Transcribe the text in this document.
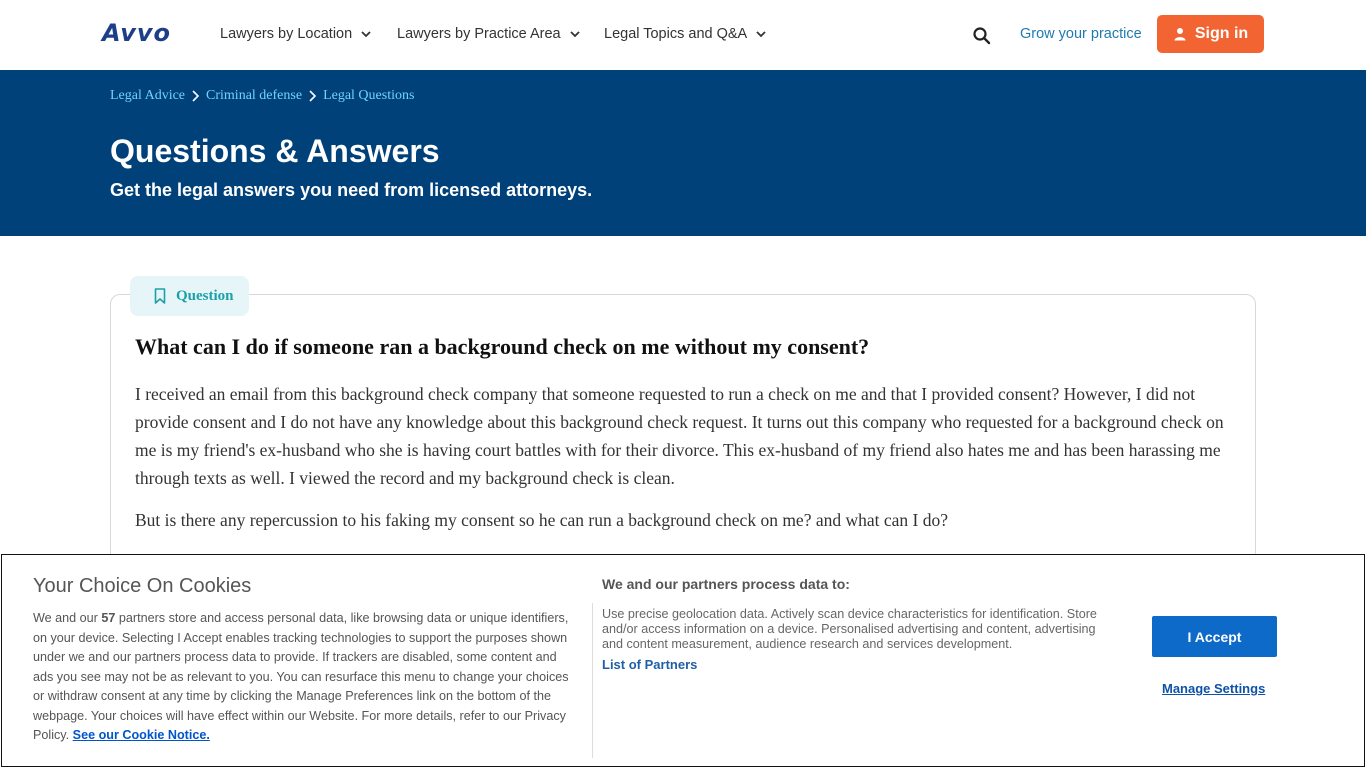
Avvo	Lawyers by Location	Lawyers by Practice Area	Legal Topics and Q&A	Grow your practice	Sign in
Legal Advice Criminal defense Legal Questions
Questions & Answers
Get the legal answers you need from licensed attorneys.
Question
What can I do if someone ran a background check on me without my consent?

I received an email from this background check company that someone requested to run a check on me and that I provided consent? However, I did not provide consent and I do not have any knowledge about this background check request. It turns out this company who requested for a background check on me is my friend's ex-husband who she is having court battles with for their divorce. This ex-husband of my friend also hates me and has been harassing me through texts as well. I viewed the record and my background check is clean.

But is there any repercussion to his faking my consent so he can run a background check on me? and what can I do?

Your Choice On Cookies
We and our 57 partners store and access personal data, like browsing data or unique identifiers, on your device. Selecting I Accept enables tracking technologies to support the purposes shown under we and our partners process data to provide. If trackers are disabled, some content and ads you see may not be as relevant to you. You can resurface this menu to change your choices or withdraw consent at any time by clicking the Manage Preferences link on the bottom of the webpage. Your choices will have effect within our Website. For more details, refer to our Privacy Policy. See our Cookie Notice.
We and our partners process data to:
Use precise geolocation data. Actively scan device characteristics for identification. Store and/or access information on a device. Personalised advertising and content, advertising and content measurement, audience research and services development.
List of Partners
I Accept
Manage Settings
